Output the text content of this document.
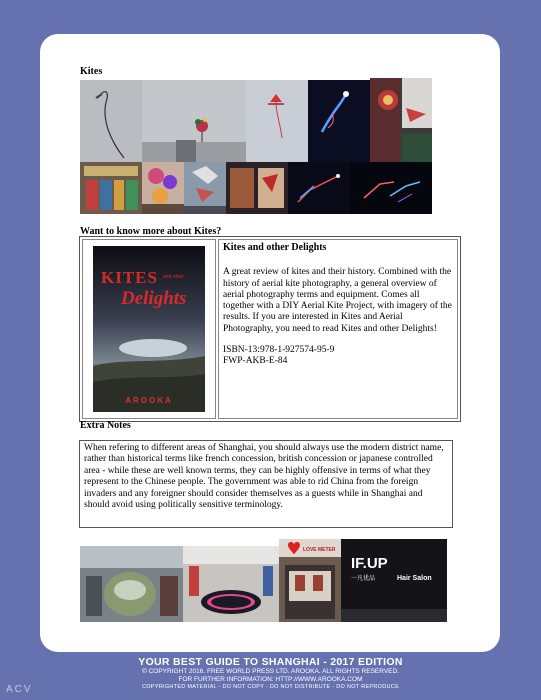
Kites
Want to know more about Kites?
AROOKA
KITES and other
Delights
Kites and other Delights

A great review of kites and their history. Combined with the history of aerial kite photography, a general overview of aerial photography terms and equipment. Comes all together with a DIY Aerial Kite Project, with imagery of the results. If you are interested in Kites and Aerial Photography, you need to read Kites and other Delights!

ISBN-13:978-1-927574-95-9
FWP-AKB-E-84
Extra Notes
When refering to different areas of Shanghai, you should always use the modern district name, rather than historical terms like french concession, british concession or japanese controlled area - while these are well known terms, they can be highly offensive in terms of what they represent to the Chinese people. The government was able to rid China from the foreign invaders and any foreigner should consider themselves as a guests while in Shanghai and should avoid using politically sensitive terminology.
LOVE METER
IF.UP
一凡优品	Hair Salon
YOUR BEST GUIDE TO SHANGHAI - 2017 EDITION
© COPYRIGHT 2016. FREE WORLD PRESS LTD. AROOKA. ALL RIGHTS RESERVED.
FOR FURTHER INFORMATION: HTTP://WWW.AROOKA.COM
COPYRIGHTED MATERIAL - DO NOT COPY - DO NOT DISTRIBUTE - DO NOT REPRODUCE
ACV
